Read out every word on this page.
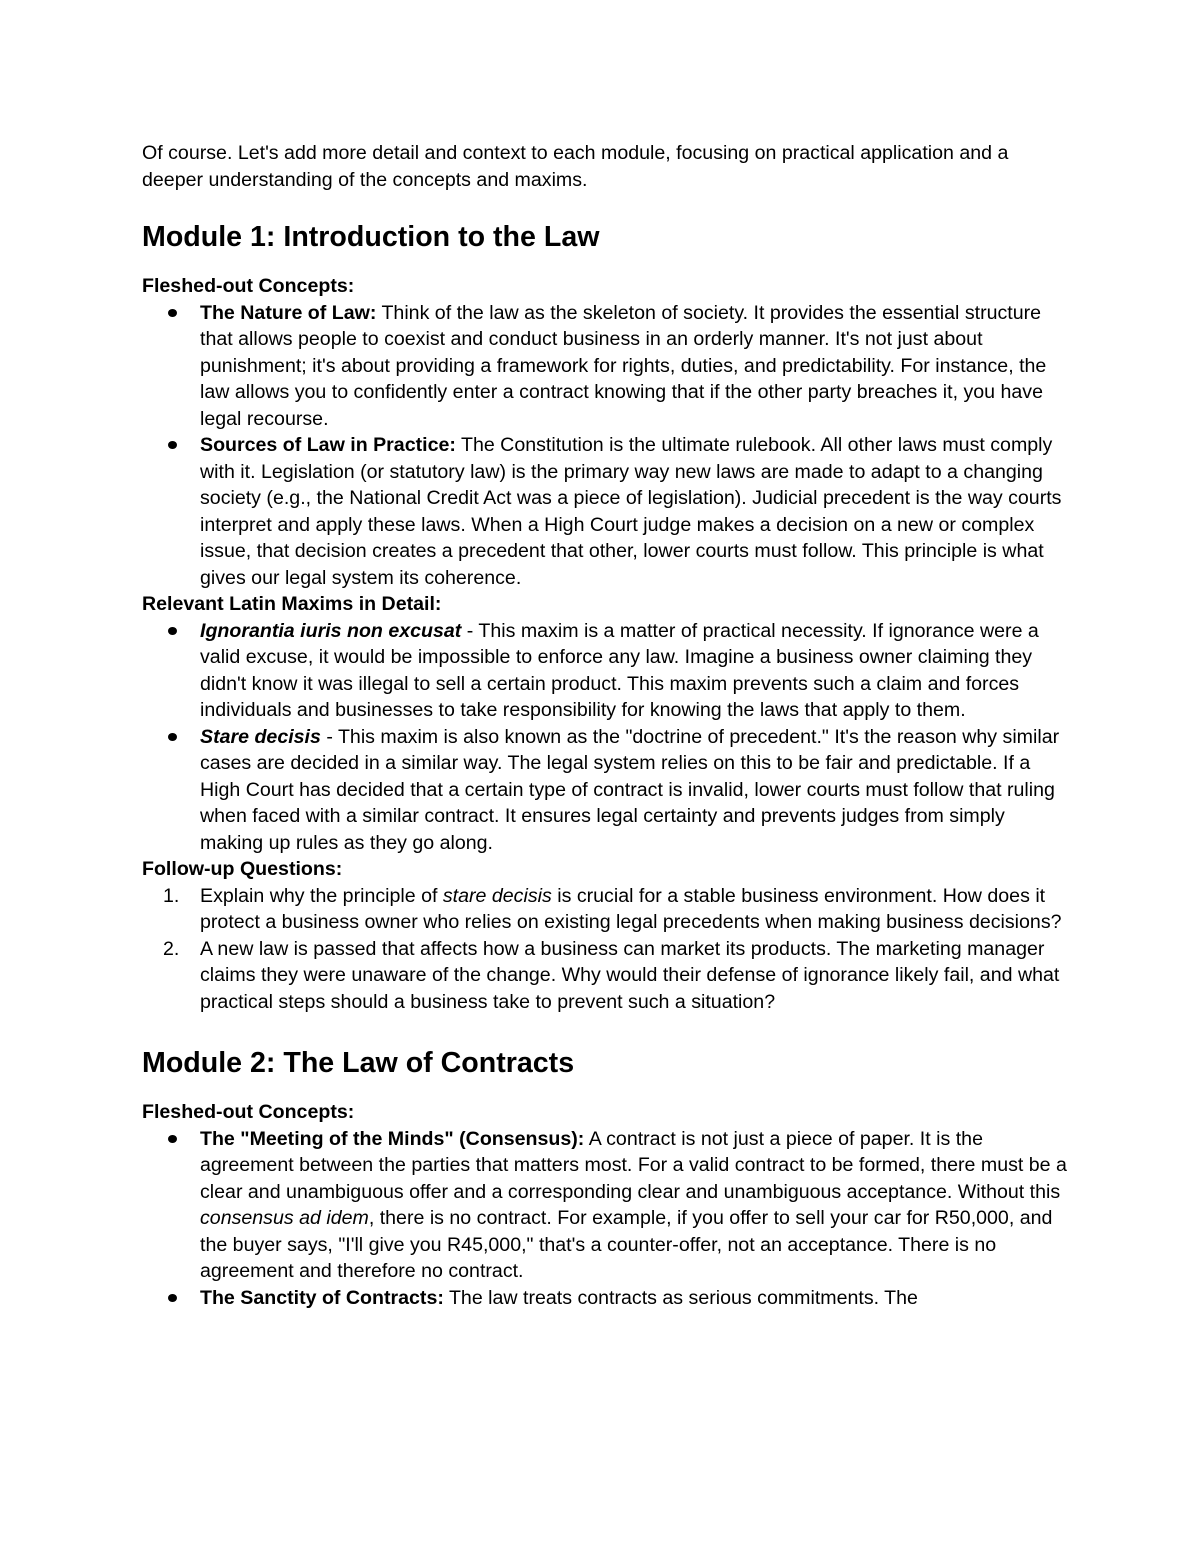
Of course. Let's add more detail and context to each module, focusing on practical application and a deeper understanding of the concepts and maxims.

Module 1: Introduction to the Law

Fleshed-out Concepts:

The Nature of Law: Think of the law as the skeleton of society. It provides the essential structure that allows people to coexist and conduct business in an orderly manner. It's not just about punishment; it's about providing a framework for rights, duties, and predictability. For instance, the law allows you to confidently enter a contract knowing that if the other party breaches it, you have legal recourse.
Sources of Law in Practice: The Constitution is the ultimate rulebook. All other laws must comply with it. Legislation (or statutory law) is the primary way new laws are made to adapt to a changing society (e.g., the National Credit Act was a piece of legislation). Judicial precedent is the way courts interpret and apply these laws. When a High Court judge makes a decision on a new or complex issue, that decision creates a precedent that other, lower courts must follow. This principle is what gives our legal system its coherence.

Relevant Latin Maxims in Detail:

Ignorantia iuris non excusat - This maxim is a matter of practical necessity. If ignorance were a valid excuse, it would be impossible to enforce any law. Imagine a business owner claiming they didn't know it was illegal to sell a certain product. This maxim prevents such a claim and forces individuals and businesses to take responsibility for knowing the laws that apply to them.
Stare decisis - This maxim is also known as the "doctrine of precedent." It's the reason why similar cases are decided in a similar way. The legal system relies on this to be fair and predictable. If a High Court has decided that a certain type of contract is invalid, lower courts must follow that ruling when faced with a similar contract. It ensures legal certainty and prevents judges from simply making up rules as they go along.

Follow-up Questions:

1. Explain why the principle of stare decisis is crucial for a stable business environment. How does it protect a business owner who relies on existing legal precedents when making business decisions?
2. A new law is passed that affects how a business can market its products. The marketing manager claims they were unaware of the change. Why would their defense of ignorance likely fail, and what practical steps should a business take to prevent such a situation?
Module 2: The Law of Contracts

Fleshed-out Concepts:

The "Meeting of the Minds" (Consensus): A contract is not just a piece of paper. It is the agreement between the parties that matters most. For a valid contract to be formed, there must be a clear and unambiguous offer and a corresponding clear and unambiguous acceptance. Without this consensus ad idem, there is no contract. For example, if you offer to sell your car for R50,000, and the buyer says, "I'll give you R45,000," that's a counter-offer, not an acceptance. There is no agreement and therefore no contract.
The Sanctity of Contracts: The law treats contracts as serious commitments. The
